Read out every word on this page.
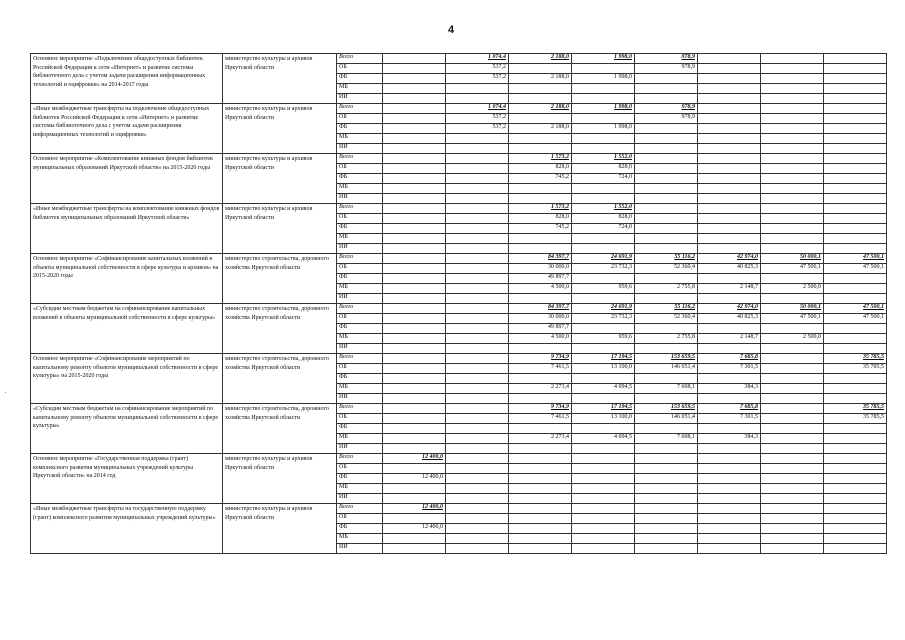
4
Основное мероприятие «Подключение общедоступных библиотек Российской Федерации к сети «Интернет» и развитие системы библиотечного дела с учетом задачи расширения информационных технологий и оцифровки» на 2014-2017 годы	министерство культуры и архивов Иркутской области	Всего		1 074,4	2 188,0	1 998,0	978,9			
		ОБ		537,2			978,9			
		ФБ		537,2	2 188,0	1 998,0				
		МБ								
		ИИ								
«Иные межбюджетные трансферты на подключение общедоступных библиотек Российской Федерации к сети «Интернет» и развитие системы библиотечного дела с учетом задачи расширения информационных технологий и оцифровки»	министерство культуры и архивов Иркутской области	Всего		1 074,4	2 188,0	1 998,0	978,9			
		ОБ		537,2			978,9			
		ФБ		537,2	2 188,0	1 998,0				
		МБ								
		ИИ								
Основное мероприятие «Комплектование книжных фондов библиотек муниципальных образований Иркутской области» на 2015-2020 годы	министерство культуры и архивов Иркутской области	Всего			1 573,2	1 552,0				
		ОБ			828,0	828,0				
		ФБ			745,2	724,0				
		МБ								
		ИИ								
«Иные межбюджетные трансферты на комплектование книжных фондов библиотек муниципальных образований Иркутской области»	министерство культуры и архивов Иркутской области	Всего			1 573,2	1 552,0				
		ОБ			828,0	828,0				
		ФБ			745,2	724,0				
		МБ								
		ИИ								
Основное мероприятие «Софинансирование капитальных вложений в объекты муниципальной собственности в сфере культуры и архивов» на 2015-2020 годы	министерство строительства, дорожного хозяйства Иркутской области	Всего			84 397,7	24 691,9	55 116,2	42 974,0	50 000,1	47 500,1
		ОБ			30 000,0	23 732,3	52 360,4	40 825,3	47 500,1	47 500,1
		ФБ			49 897,7					
		МБ			4 500,0	959,6	2 755,8	2 148,7	2 500,0	
		ИИ								
«Субсидии местным бюджетам на софинансирование капитальных вложений в объекты муниципальной собственности в сфере культуры»	министерство строительства, дорожного хозяйства Иркутской области	Всего			84 397,7	24 691,9	55 116,2	42 974,0	50 000,1	47 500,1
		ОБ			30 000,0	23 732,3	52 360,4	40 825,3	47 500,1	47 500,1
		ФБ			49 897,7					
		МБ			4 500,0	959,6	2 755,8	2 148,7	2 500,0	
		ИИ								
Основное мероприятие «Софинансирование мероприятий по капитальному ремонту объектов муниципальной собственности в сфере культуры» на 2015-2020 годы	министерство строительства, дорожного хозяйства Иркутской области	Всего			9 734,9	17 194,5	153 659,5	7 685,8		35 785,5
		ОБ			7 461,5	13 100,0	146 051,4	7 301,5		35 785,5
		ФБ								
		МБ			2 273,4	4 094,5	7 608,1	384,3		
		ИИ								
«Субсидии местным бюджетам на софинансирование мероприятий по капитальному ремонту объектов муниципальной собственности в сфере культуры»	министерство строительства, дорожного хозяйства Иркутской области	Всего			9 734,9	17 194,5	153 659,5	7 685,8		35 785,5
		ОБ			7 461,5	13 100,0	146 051,4	7 301,5		35 785,5
		ФБ								
		МБ			2 273,4	4 094,5	7 608,1	384,3		
		ИИ								
Основное мероприятие «Государственная поддержка (грант) комплексного развития муниципальных учреждений культуры Иркутской области» на 2014 год	министерство культуры и архивов Иркутской области	Всего	12 400,0							
		ОБ								
		ФБ	12 400,0							
		МБ								
		ИИ								
«Иные межбюджетные трансферты на государственную поддержку (грант) комплексного развития муниципальных учреждений культуры»	министерство культуры и архивов Иркутской области	Всего	12 400,0							
		ОБ								
		ФБ	12 400,0							
		МБ								
		ИИ								
